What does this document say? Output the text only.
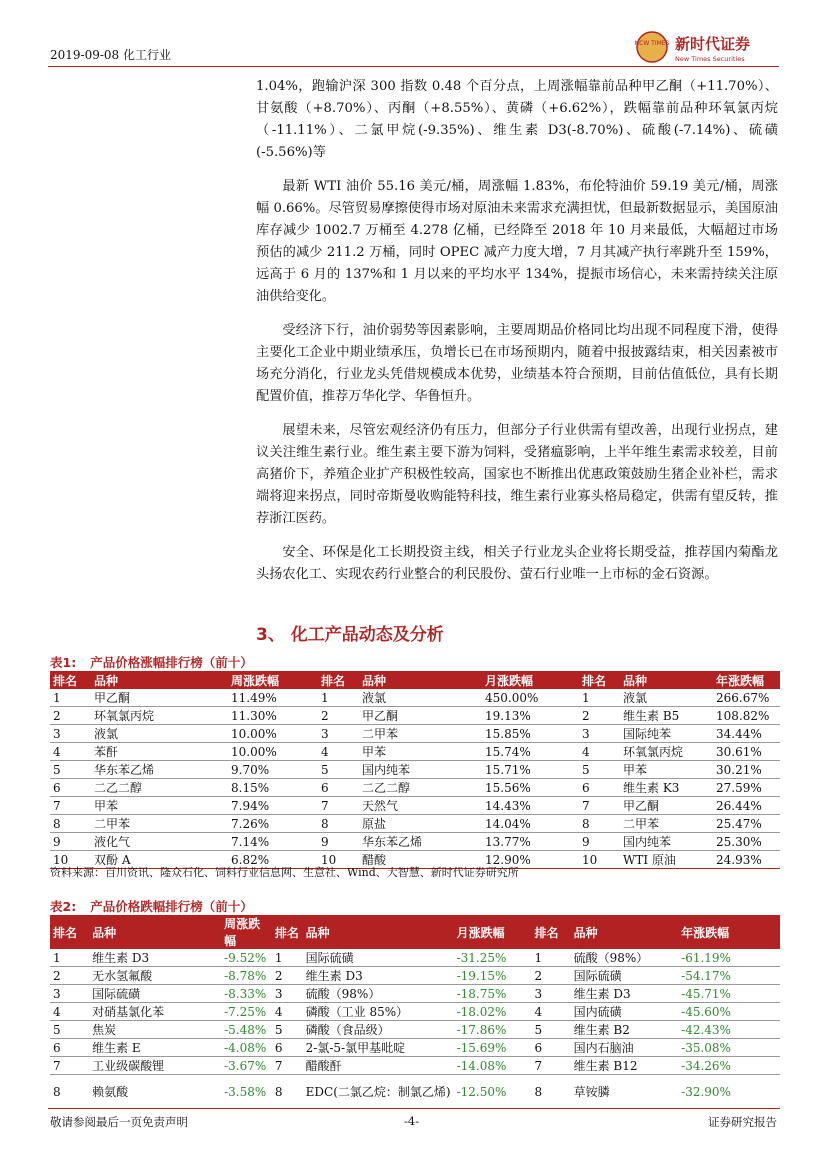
2019-09-08 化工行业
NCW TIMES 新时代证券
New Times Securities

1.04%，跑输沪深 300 指数 0.48 个百分点，上周涨幅靠前品种甲乙酮（+11.70%）、甘氨酸（+8.70%）、丙酮（+8.55%）、黄磷（+6.62%），跌幅靠前品种环氧氯丙烷（-11.11%）、二氯甲烷(-9.35%)、维生素 D3(-8.70%)、硫酸(-7.14%)、硫磺(-5.56%)等

最新 WTI 油价 55.16 美元/桶，周涨幅 1.83%，布伦特油价 59.19 美元/桶，周涨幅 0.66%。尽管贸易摩擦使得市场对原油未来需求充满担忧，但最新数据显示，美国原油库存减少 1002.7 万桶至 4.278 亿桶，已经降至 2018 年 10 月来最低，大幅超过市场预估的减少 211.2 万桶，同时 OPEC 减产力度大增，7 月其减产执行率跳升至 159%，远高于 6 月的 137%和 1 月以来的平均水平 134%，提振市场信心，未来需持续关注原油供给变化。

受经济下行，油价弱势等因素影响，主要周期品价格同比均出现不同程度下滑，使得主要化工企业中期业绩承压，负增长已在市场预期内，随着中报披露结束，相关因素被市场充分消化，行业龙头凭借规模成本优势，业绩基本符合预期，目前估值低位，具有长期配置价值，推荐万华化学、华鲁恒升。

展望未来，尽管宏观经济仍有压力，但部分子行业供需有望改善，出现行业拐点，建议关注维生素行业。维生素主要下游为饲料，受猪瘟影响，上半年维生素需求较差，目前高猪价下，养殖企业扩产积极性较高，国家也不断推出优惠政策鼓励生猪企业补栏，需求端将迎来拐点，同时帝斯曼收购能特科技，维生素行业寡头格局稳定，供需有望反转，推荐浙江医药。

安全、环保是化工长期投资主线，相关子行业龙头企业将长期受益，推荐国内菊酯龙头扬农化工、实现农药行业整合的利民股份、萤石行业唯一上市标的金石资源。

3、 化工产品动态及分析
表1: 产品价格涨幅排行榜（前十）
排名	品种	周涨跌幅	排名	品种	月涨跌幅	排名	品种	年涨跌幅
1	甲乙酮	11.49%	1	液氯	450.00%	1	液氯	266.67%
2	环氧氯丙烷	11.30%	2	甲乙酮	19.13%	2	维生素 B5	108.82%
3	液氯	10.00%	3	二甲苯	15.85%	3	国际纯苯	34.44%
4	苯酐	10.00%	4	甲苯	15.74%	4	环氧氯丙烷	30.61%
5	华东苯乙烯	9.70%	5	国内纯苯	15.71%	5	甲苯	30.21%
6	二乙二醇	8.15%	6	二乙二醇	15.56%	6	维生素 K3	27.59%
7	甲苯	7.94%	7	天然气	14.43%	7	甲乙酮	26.44%
8	二甲苯	7.26%	8	原盐	14.04%	8	二甲苯	25.47%
9	液化气	7.14%	9	华东苯乙烯	13.77%	9	国内纯苯	25.30%
10	双酚 A	6.82%	10	醋酸	12.90%	10	WTI 原油	24.93%
资料来源：百川资讯、隆众石化、饲料行业信息网、生意社、Wind、大智慧、新时代证券研究所
表2: 产品价格跌幅排行榜（前十）
排名	品种	周涨跌幅	排名	品种	月涨跌幅	排名	品种	年涨跌幅
1	维生素 D3	-9.52%	1	国际硫磺	-31.25%	1	硫酸（98%）	-61.19%
2	无水氢氟酸	-8.78%	2	维生素 D3	-19.15%	2	国际硫磺	-54.17%
3	国际硫磺	-8.33%	3	硫酸（98%）	-18.75%	3	维生素 D3	-45.71%
4	对硝基氯化苯	-7.25%	4	磷酸（工业 85%）	-18.02%	4	国内硫磺	-45.60%
5	焦炭	-5.48%	5	磷酸（食品级）	-17.86%	5	维生素 B2	-42.43%
6	维生素 E	-4.08%	6	2-氯-5-氯甲基吡啶	-15.69%	6	国内石脑油	-35.08%
7	工业级碳酸锂	-3.67%	7	醋酸酐	-14.08%	7	维生素 B12	-34.26%
8	赖氨酸	-3.58%	8	EDC(二氯乙烷：制氯乙烯)	-12.50%	8	草铵膦	-32.90%
敬请参阅最后一页免责声明	-4-	证券研究报告
